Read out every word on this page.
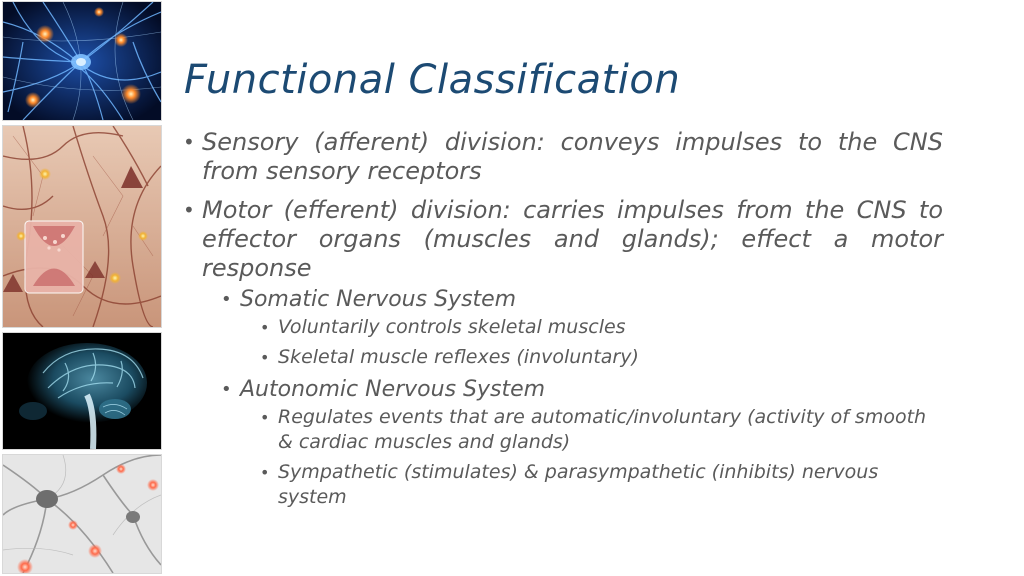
Functional Classification
• Sensory (afferent) division: conveys impulses to the CNS from sensory receptors
• Motor (efferent) division: carries impulses from the CNS to effector organs (muscles and glands); effect a motor response
• Somatic Nervous System
• Voluntarily controls skeletal muscles
• Skeletal muscle reflexes (involuntary)
• Autonomic Nervous System
• Regulates events that are automatic/involuntary (activity of smooth & cardiac muscles and glands)
• Sympathetic (stimulates) & parasympathetic (inhibits) nervous system
